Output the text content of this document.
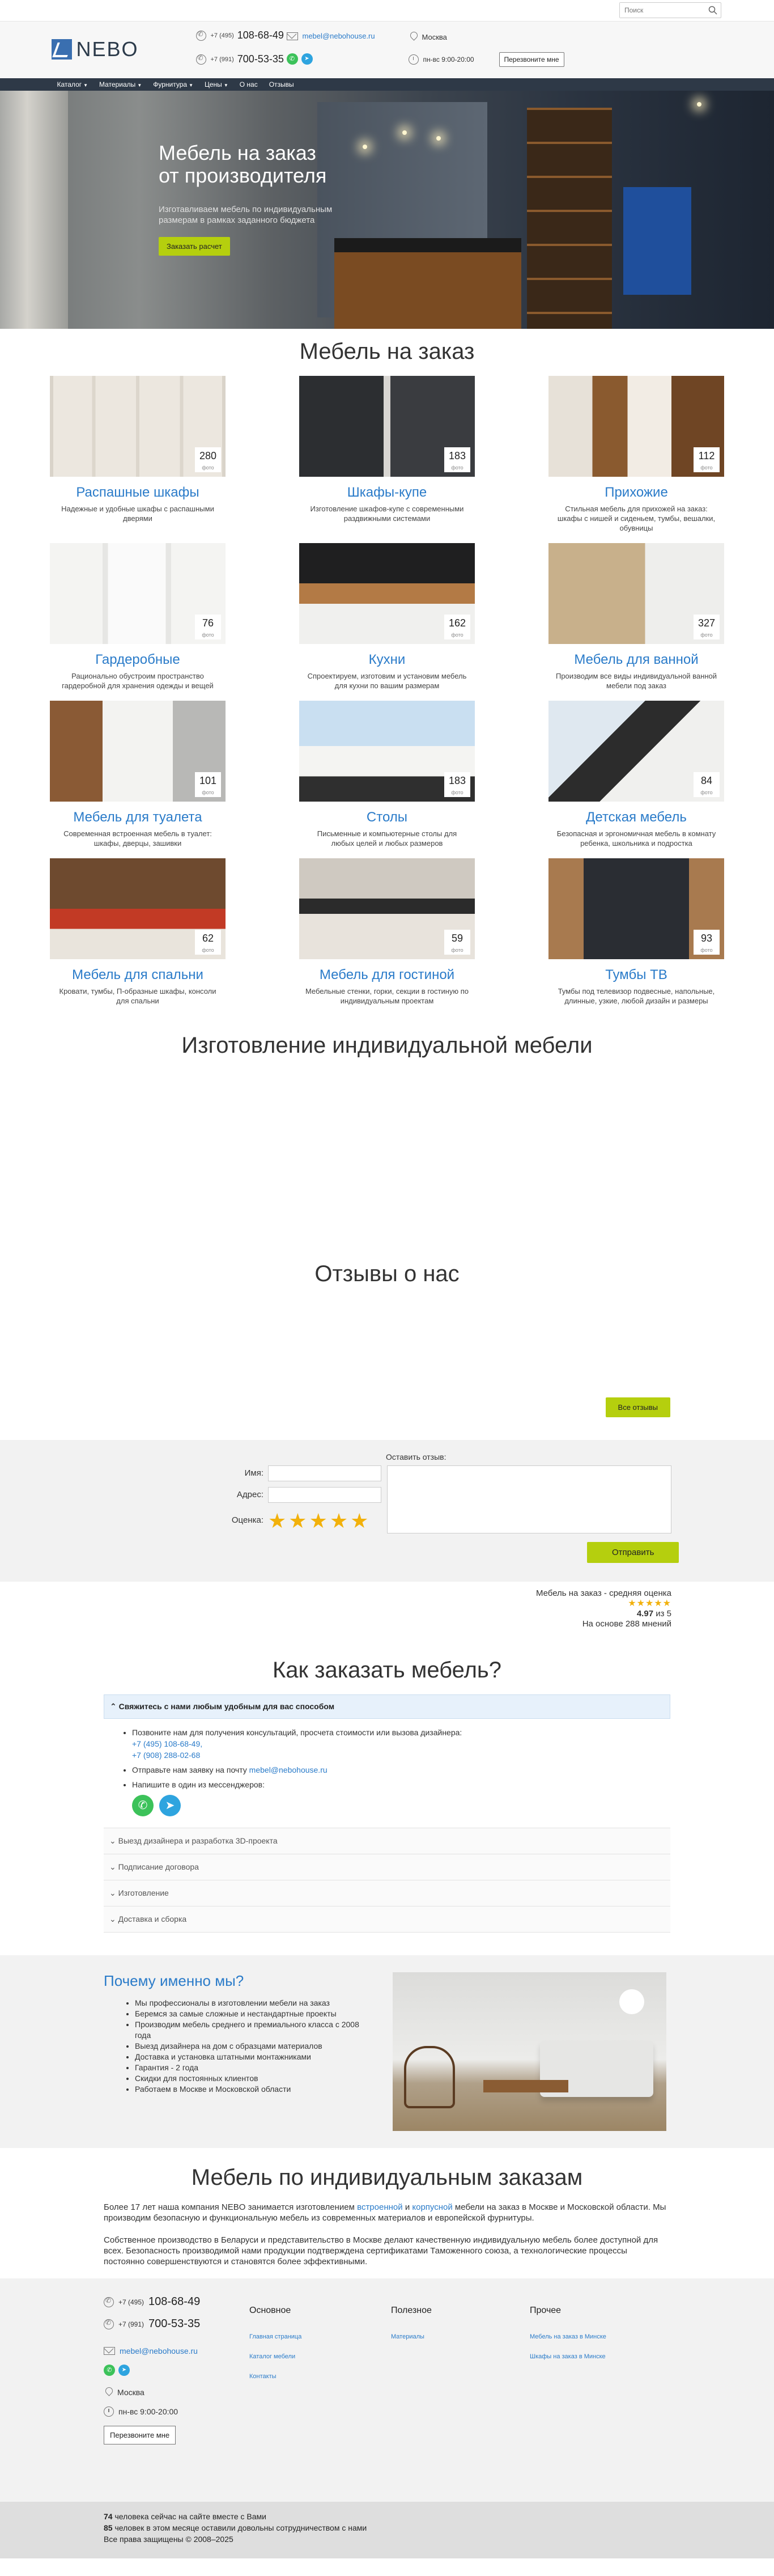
Поиск
NEBO
✆
+7 (495) 108-68-49
✆
+7 (991) 700-53-35
mebel@nebohouse.ru
✆	➤
Москва
пн-вс 9:00-20:00	Перезвоните мне
Каталог ▼ Материалы ▼ Фурнитура ▼ Цены ▼ О нас Отзывы
Мебель на заказ
от производителя

Изготавливаем мебель по индивидуальным
размерам в рамках заданного бюджета

Заказать расчет
Мебель на заказ
280
фото
Распашные шкафы

Надежные и удобные шкафы с распашными дверями

183
фото
Шкафы-купе

Изготовление шкафов-купе с современными раздвижными системами

112
фото
Прихожие

Стильная мебель для прихожей на заказ: шкафы с нишей и сиденьем, тумбы, вешалки, обувницы

76
фото
Гардеробные

Рационально обустроим пространство гардеробной для хранения одежды и вещей

162
фото
Кухни

Спроектируем, изготовим и установим мебель для кухни по вашим размерам

327
фото
Мебель для ванной

Производим все виды индивидуальной ванной мебели под заказ

101
фото
Мебель для туалета

Современная встроенная мебель в туалет: шкафы, дверцы, зашивки

183
фото
Столы

Письменные и компьютерные столы для любых целей и любых размеров

84
фото
Детская мебель

Безопасная и эргономичная мебель в комнату ребенка, школьника и подростка

62
фото
Мебель для спальни

Кровати, тумбы, П-образные шкафы, консоли для спальни

59
фото
Мебель для гостиной

Мебельные стенки, горки, секции в гостиную по индивидуальным проектам

93
фото
Тумбы ТВ

Тумбы под телевизор подвесные, напольные, длинные, узкие, любой дизайн и размеры

Изготовление индивидуальной мебели
Отзывы о нас
Все отзывы
Оставить отзыв:
Имя:
Адрес:
Оценка: ★ ★ ★ ★ ★
Отправить
Мебель на заказ - средняя оценка
★★★★★
4.97 из 5
На основе 288 мнений
Как заказать мебель?
⌃ Свяжитесь с нами любым удобным для вас способом
• Позвоните нам для получения консультаций, просчета стоимости или вызова дизайнера:
+7 (495) 108-68-49,
+7 (908) 288-02-68
• Отправьте нам заявку на почту mebel@nebohouse.ru
• Напишите в один из мессенджеров:
✆	➤
⌄ Выезд дизайнера и разработка 3D-проекта
⌄ Подписание договора
⌄ Изготовление
⌄ Доставка и сборка
Почему именно мы?
• Мы профессионалы в изготовлении мебели на заказ
• Беремся за самые сложные и нестандартные проекты
• Производим мебель среднего и премиального класса с 2008 года
• Выезд дизайнера на дом с образцами материалов
• Доставка и установка штатными монтажниками
• Гарантия - 2 года
• Скидки для постоянных клиентов
• Работаем в Москве и Московской области
Мебель по индивидуальным заказам

Более 17 лет наша компания NEBO занимается изготовлением встроенной и корпусной мебели на заказ в Москве и Московской области. Мы производим безопасную и функциональную мебель из современных материалов и европейской фурнитуры.

Собственное производство в Беларуси и представительство в Москве делают качественную индивидуальную мебель более доступной для всех. Безопасность производимой нами продукции подтверждена сертификатами Таможенного союза, а технологические процессы постоянно совершенствуются и становятся более эффективными.

✆
+7 (495) 108-68-49
✆
+7 (991) 700-53-35
mebel@nebohouse.ru
✆	➤
Москва
пн-вс 9:00-20:00
Перезвоните мне
Основное
Главная страница
Каталог мебели
Контакты
Полезное
Материалы
Прочее
Мебель на заказ в Минске
Шкафы на заказ в Минске
74 человека сейчас на сайте вместе с Вами
85 человек в этом месяце оставили довольны сотрудничеством с нами
Все права защищены © 2008–2025
